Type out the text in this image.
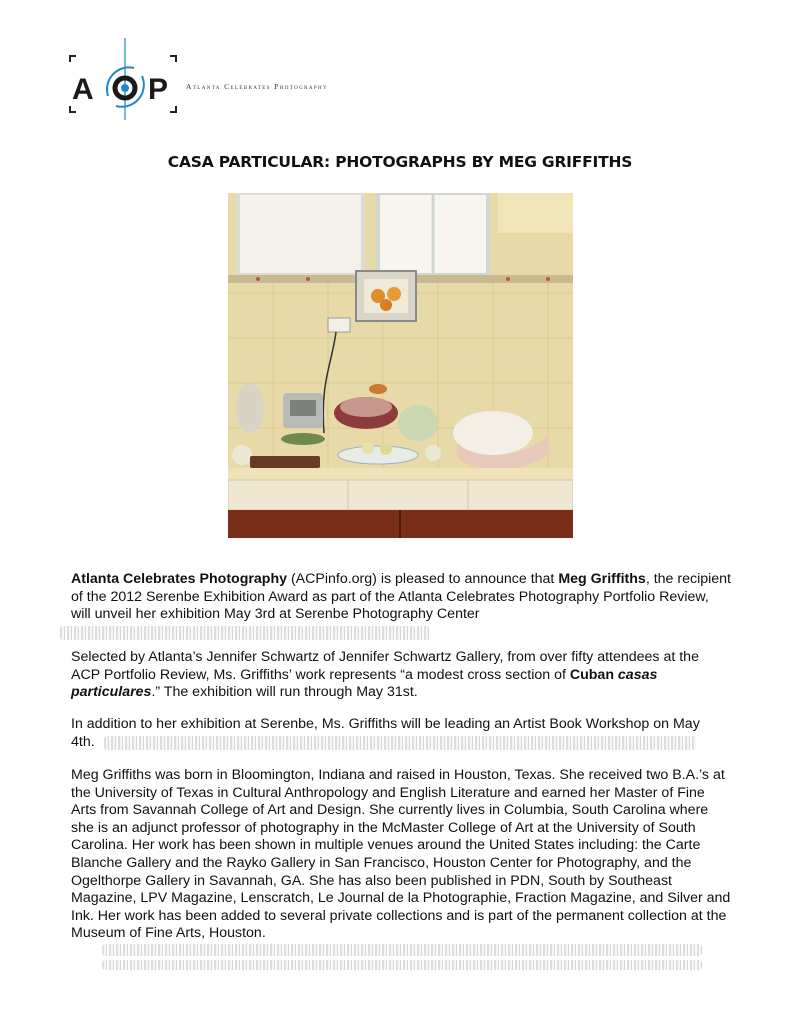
A P Atlanta Celebrates Photography
CASA PARTICULAR: PHOTOGRAPHS BY MEG GRIFFITHS
Atlanta Celebrates Photography (ACPinfo.org) is pleased to announce that Meg Griffiths, the recipient of the 2012 Serenbe Exhibition Award as part of the Atlanta Celebrates Photography Portfolio Review, will unveil her exhibition May 3rd at Serenbe Photography Center
Selected by Atlanta’s Jennifer Schwartz of Jennifer Schwartz Gallery, from over fifty attendees at the ACP Portfolio Review, Ms. Griffiths’ work represents “a modest cross section of Cuban casas particulares.” The exhibition will run through May 31st.
In addition to her exhibition at Serenbe, Ms. Griffiths will be leading an Artist Book Workshop on May
4th.
Meg Griffiths was born in Bloomington, Indiana and raised in Houston, Texas. She received two B.A.’s at the University of Texas in Cultural Anthropology and English Literature and earned her Master of Fine Arts from Savannah College of Art and Design. She currently lives in Columbia, South Carolina where she is an adjunct professor of photography in the McMaster College of Art at the University of South Carolina. Her work has been shown in multiple venues around the United States including: the Carte Blanche Gallery and the Rayko Gallery in San Francisco, Houston Center for Photography, and the Ogelthorpe Gallery in Savannah, GA. She has also been published in PDN, South by Southeast Magazine, LPV Magazine, Lenscratch, Le Journal de la Photographie, Fraction Magazine, and Silver and Ink. Her work has been added to several private collections and is part of the permanent collection at the Museum of Fine Arts, Houston.
